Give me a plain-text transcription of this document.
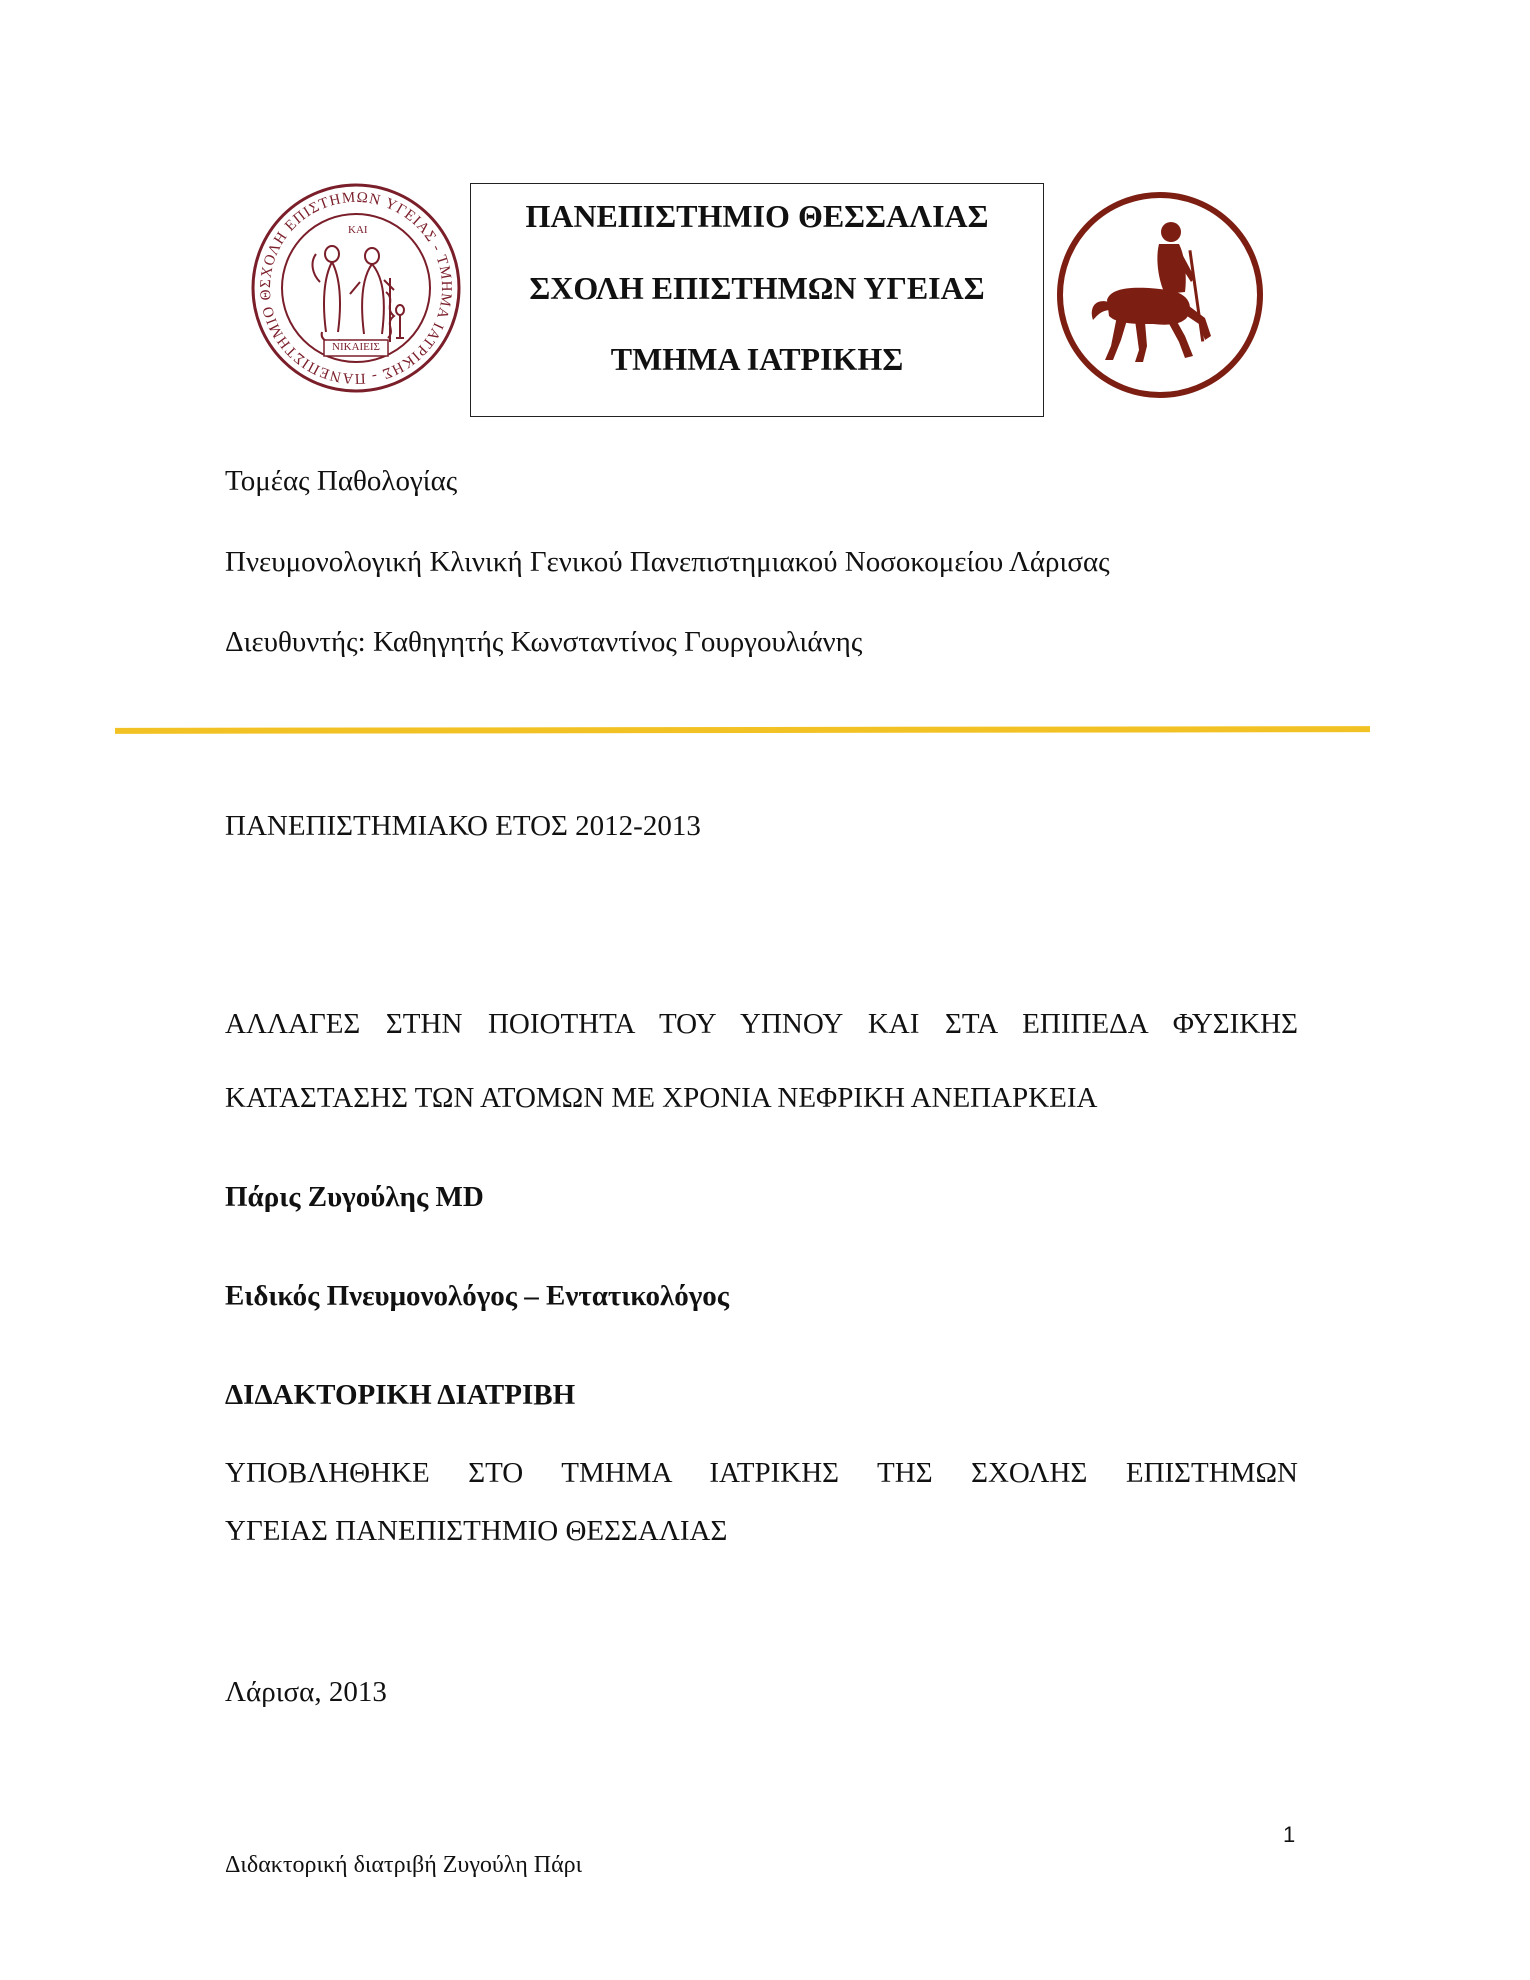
ΣΧΟΛΗ ΕΠΙΣΤΗΜΩΝ ΥΓΕΙΑΣ - ΤΜΗΜΑ ΙΑΤΡΙΚΗΣ - ΠΑΝΕΠΙΣΤΗΜΙΟ Θ
ΚΑΙ
ΝΙΚΑΙΕΙΣ
ΠΑΝΕΠΙΣΤΗΜΙΟ ΘΕΣΣΑΛΙΑΣ
ΣΧΟΛΗ ΕΠΙΣΤΗΜΩΝ ΥΓΕΙΑΣ
ΤΜΗΜΑ ΙΑΤΡΙΚΗΣ
Τομέας Παθολογίας
Πνευμονολογική Κλινική Γενικού Πανεπιστημιακού Νοσοκομείου Λάρισας
Διευθυντής: Καθηγητής Κωνσταντίνος Γουργουλιάνης
ΠΑΝΕΠΙΣΤΗΜΙΑΚΟ ΕΤΟΣ 2012-2013
ΑΛΛΑΓΕΣ ΣΤΗΝ ΠΟΙΟΤΗΤΑ ΤΟΥ ΥΠΝΟΥ ΚΑΙ ΣΤΑ ΕΠΙΠΕΔΑ ΦΥΣΙΚΗΣ
ΚΑΤΑΣΤΑΣΗΣ ΤΩΝ ΑΤΟΜΩΝ ΜΕ ΧΡΟΝΙΑ ΝΕΦΡΙΚΗ ΑΝΕΠΑΡΚΕΙΑ
Πάρις Ζυγούλης MD
Ειδικός Πνευμονολόγος – Εντατικολόγος
ΔΙΔΑΚΤΟΡΙΚΗ ΔΙΑΤΡΙΒΗ
ΥΠΟΒΛΗΘΗΚΕ ΣΤΟ ΤΜΗΜΑ ΙΑΤΡΙΚΗΣ ΤΗΣ ΣΧΟΛΗΣ ΕΠΙΣΤΗΜΩΝ
ΥΓΕΙΑΣ ΠΑΝΕΠΙΣΤΗΜΙΟ ΘΕΣΣΑΛΙΑΣ
Λάρισα, 2013
1
Διδακτορική διατριβή Ζυγούλη Πάρι
